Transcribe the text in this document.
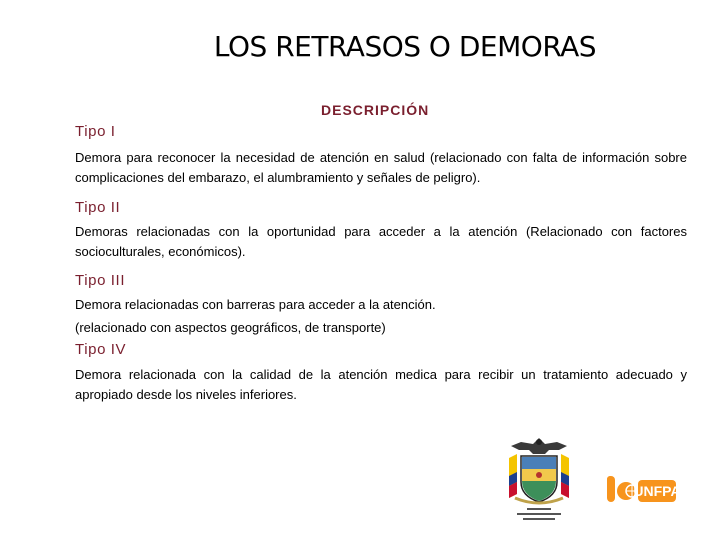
LOS RETRASOS O DEMORAS
DESCRIPCIÓN
Tipo I
Demora para reconocer la necesidad de atención en salud (relacionado con falta de información sobre complicaciones del embarazo, el alumbramiento y señales de peligro).
Tipo II
Demoras relacionadas con la oportunidad para acceder a la atención (Relacionado con factores socioculturales, económicos).
Tipo III
Demora relacionadas con barreras para acceder a la atención.
(relacionado con aspectos geográficos, de transporte)
Tipo IV
Demora relacionada con la calidad de la atención medica para recibir un tratamiento adecuado y apropiado desde los niveles inferiores.
UNFPA
